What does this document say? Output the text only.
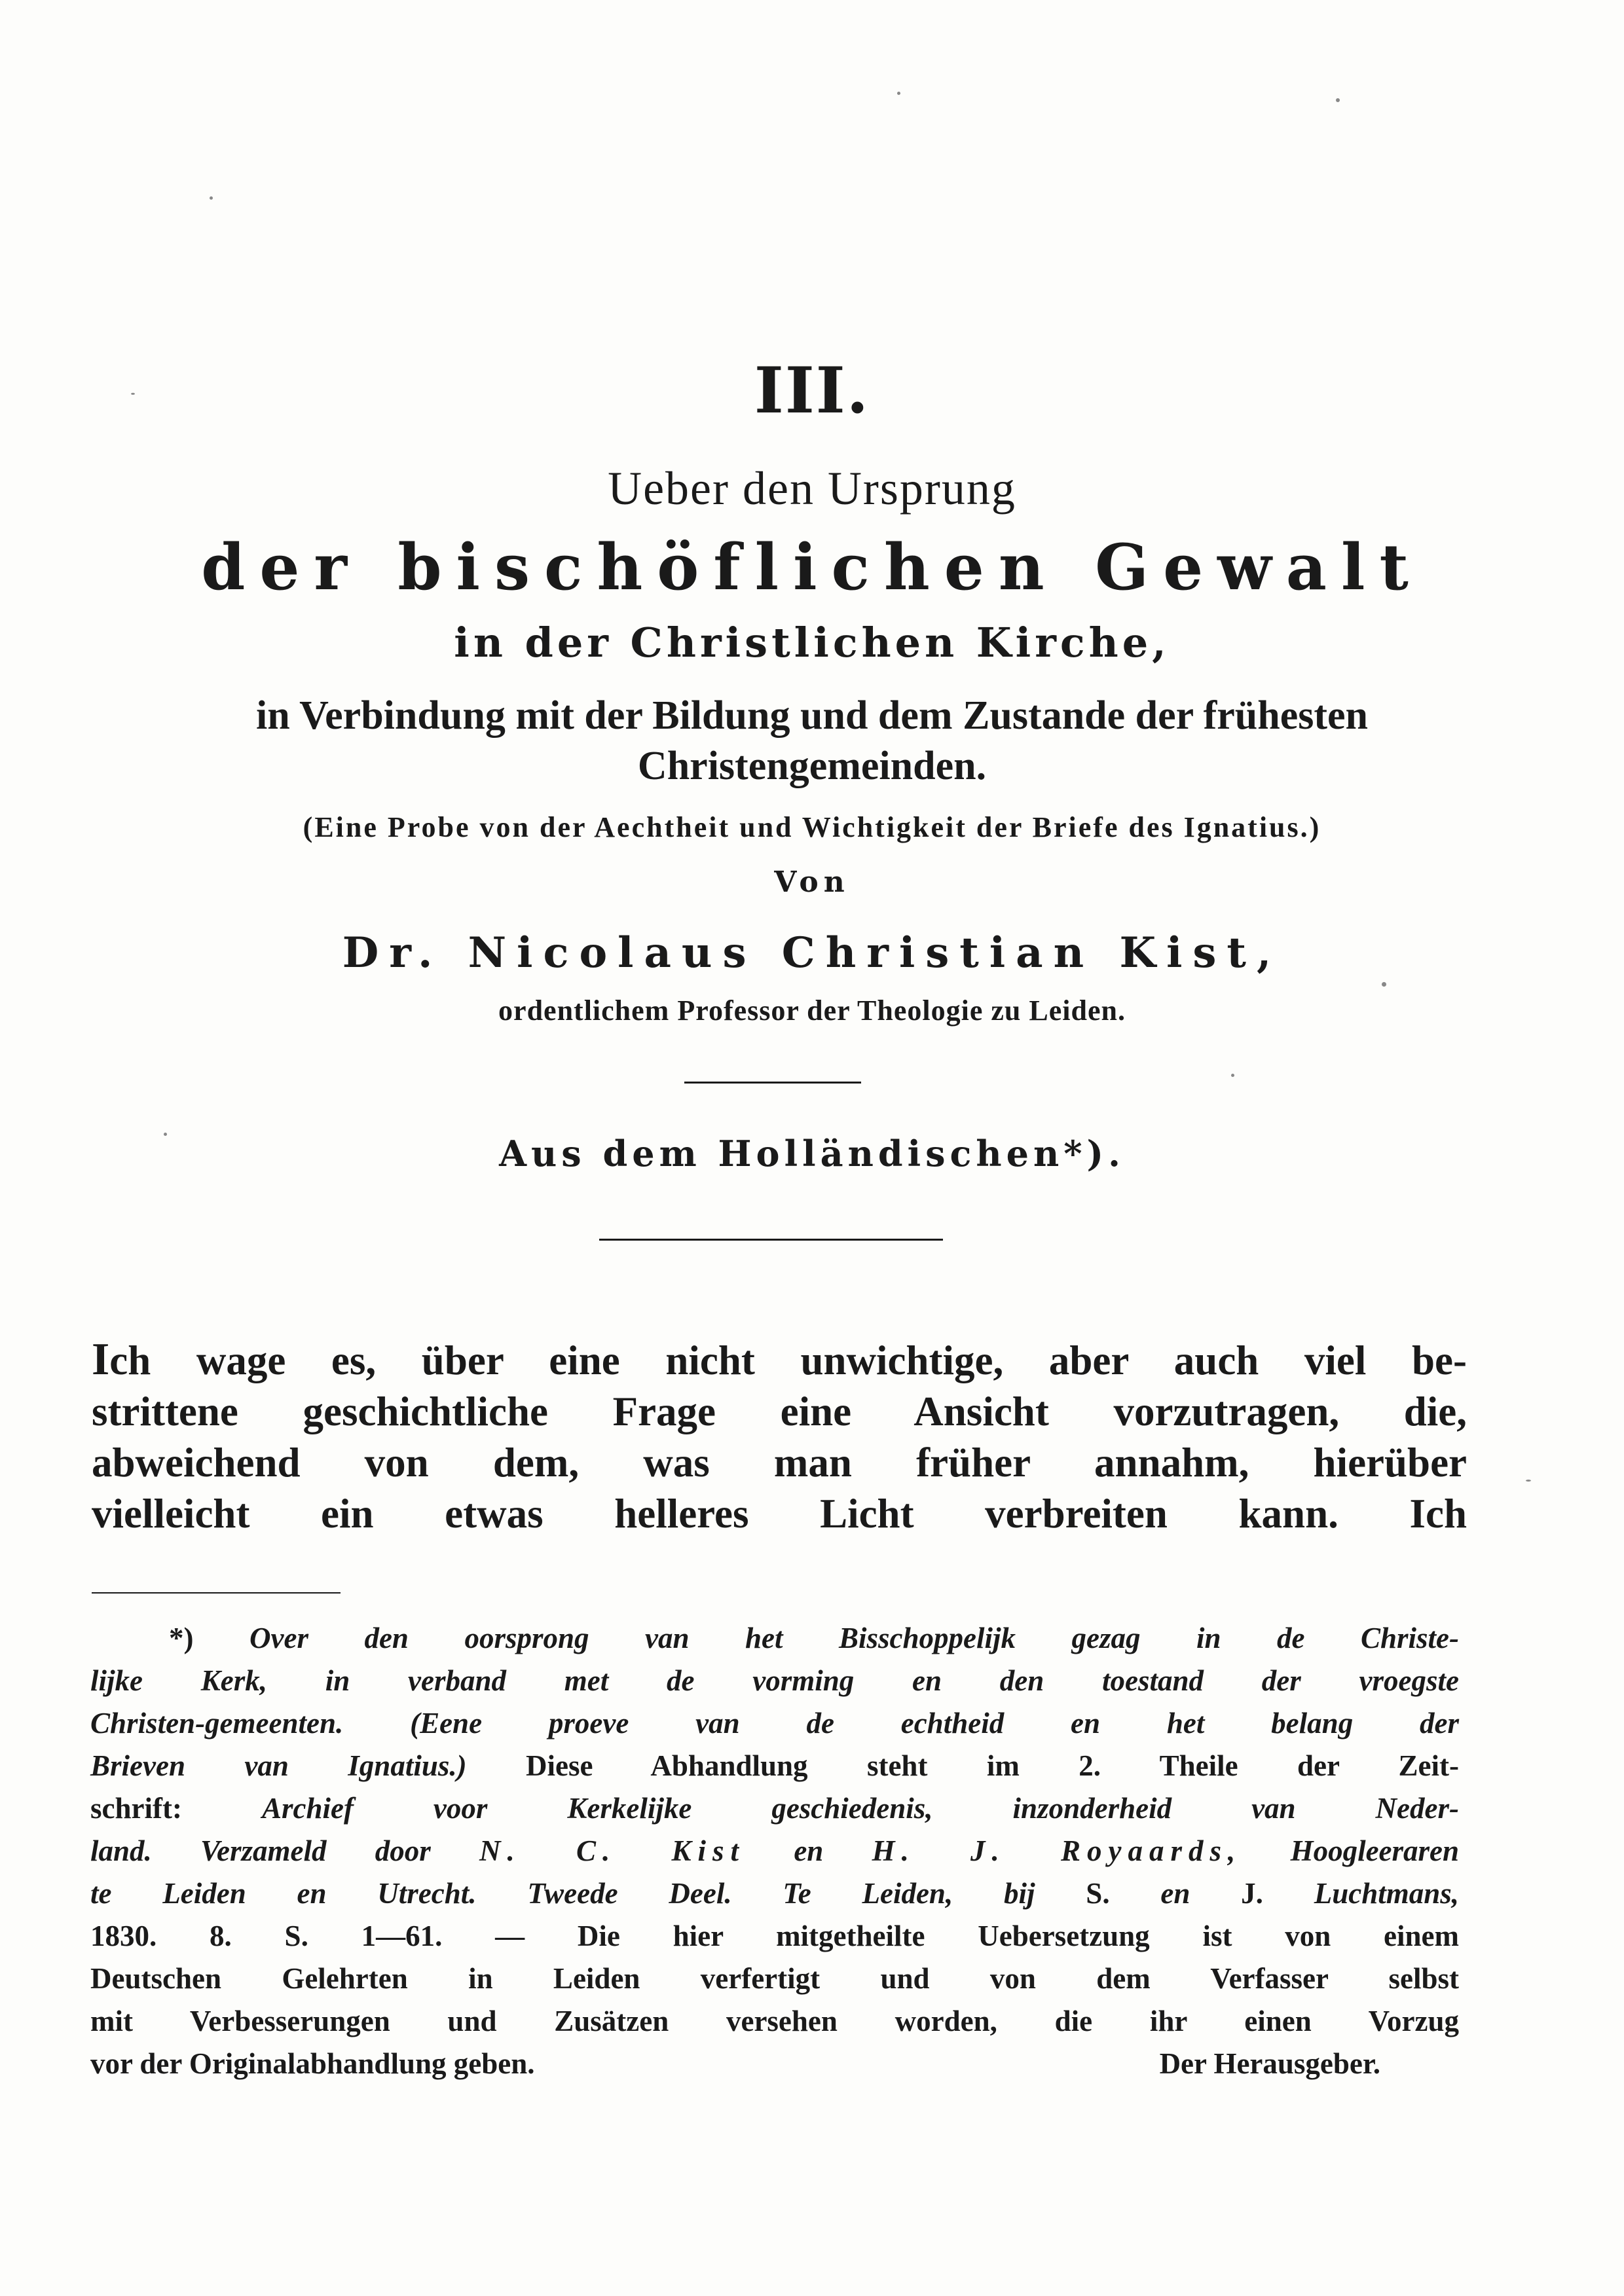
III.
Ueber den Ursprung
der bischöflichen Gewalt
in der Christlichen Kirche,
in Verbindung mit der Bildung und dem Zustande der frühesten
Christengemeinden.
(Eine Probe von der Aechtheit und Wichtigkeit der Briefe des Ignatius.)
Von
Dr. Nicolaus Christian Kist,
ordentlichem Professor der Theologie zu Leiden.
Aus dem Holländischen*).
Ich wage es, über eine nicht unwichtige, aber auch viel be-
strittene geschichtliche Frage eine Ansicht vorzutragen, die,
abweichend von dem, was man früher annahm, hierüber
vielleicht ein etwas helleres Licht verbreiten kann. Ich
*) Over den oorsprong van het Bisschoppelijk gezag in de Christe-
lijke Kerk, in verband met de vorming en den toestand der vroegste
Christen-gemeenten. (Eene proeve van de echtheid en het belang der
Brieven van Ignatius.) Diese Abhandlung steht im 2. Theile der Zeit-
schrift:	Archief voor Kerkelijke geschiedenis, inzonderheid van Neder-
land. Verzameld door N. C. Kist en H. J. Royaards, Hoogleeraren
te Leiden en Utrecht. Tweede Deel. Te Leiden, bij S. en J. Luchtmans,
1830. 8. S. 1—61. — Die hier mitgetheilte Uebersetzung ist von einem
Deutschen Gelehrten in Leiden verfertigt und von dem Verfasser selbst
mit Verbesserungen und Zusätzen versehen worden, die ihr einen Vorzug
vor der Originalabhandlung geben.	Der Herausgeber.
